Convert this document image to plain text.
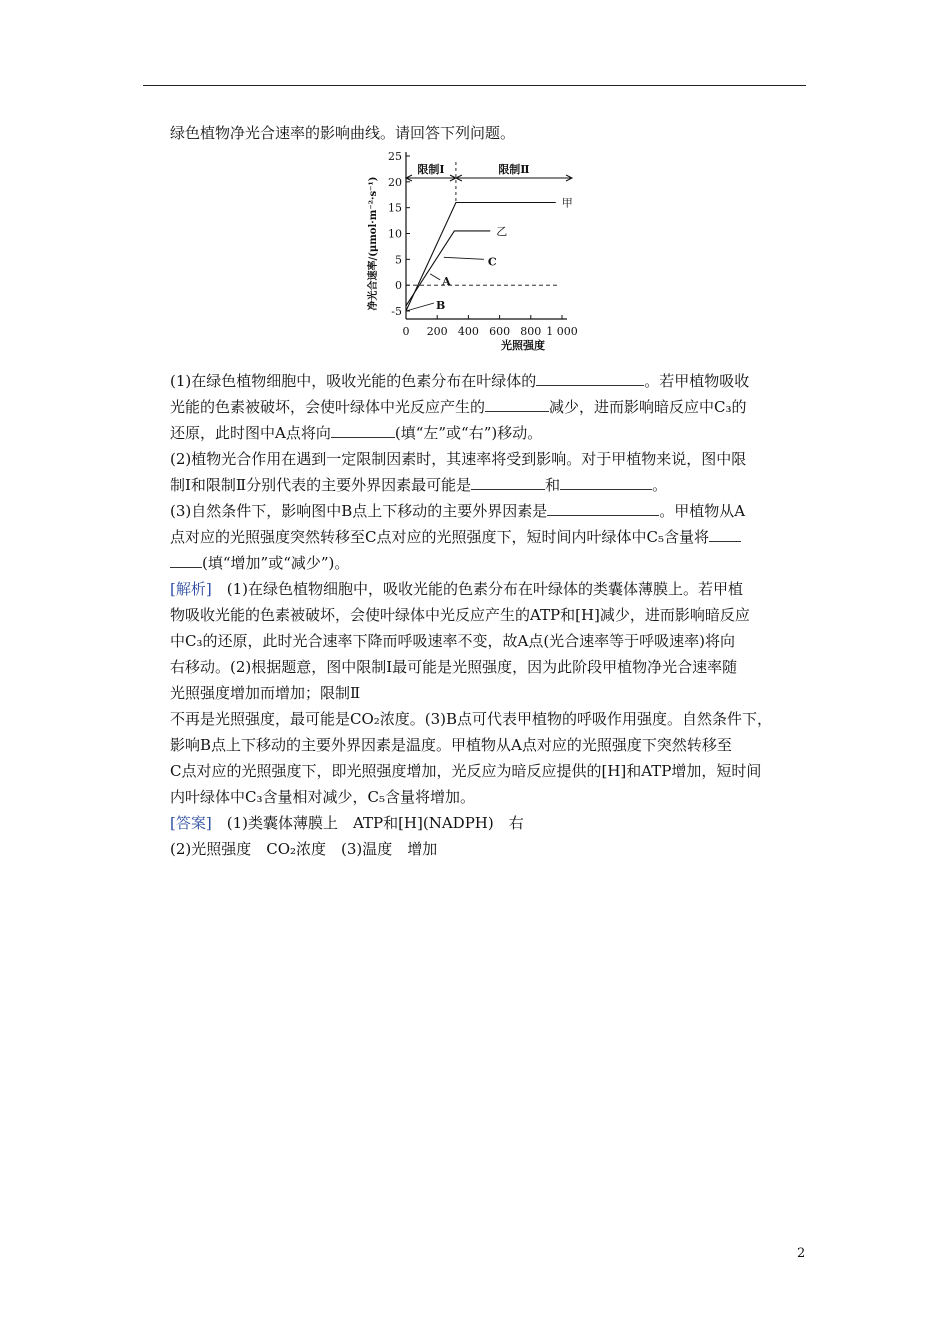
绿色植物净光合速率的影响曲线。请回答下列问题。
25
20
15
10
5
0
-5
0 200 400 600 800 1 000
光照强度
净光合速率/(μmol·m⁻²·s⁻¹)
限制Ⅰ	限制Ⅱ
甲
乙
A
B
C
(1)在绿色植物细胞中，吸收光能的色素分布在叶绿体的	。若甲植物吸收
光能的色素被破坏，会使叶绿体中光反应产生的	减少，进而影响暗反应中C₃的
还原，此时图中A点将向	(填“左”或“右”)移动。
(2)植物光合作用在遇到一定限制因素时，其速率将受到影响。对于甲植物来说，图中限
制Ⅰ和限制Ⅱ分别代表的主要外界因素最可能是	和	。
(3)自然条件下，影响图中B点上下移动的主要外界因素是	。甲植物从A
点对应的光照强度突然转移至C点对应的光照强度下，短时间内叶绿体中C₅含量将
(填“增加”或“减少”)。
[解析]　(1)在绿色植物细胞中，吸收光能的色素分布在叶绿体的类囊体薄膜上。若甲植
物吸收光能的色素被破坏，会使叶绿体中光反应产生的ATP和[H]减少，进而影响暗反应
中C₃的还原，此时光合速率下降而呼吸速率不变，故A点(光合速率等于呼吸速率)将向
右移动。(2)根据题意，图中限制Ⅰ最可能是光照强度，因为此阶段甲植物净光合速率随
光照强度增加而增加；限制Ⅱ
不再是光照强度，最可能是CO₂浓度。(3)B点可代表甲植物的呼吸作用强度。自然条件下，
影响B点上下移动的主要外界因素是温度。甲植物从A点对应的光照强度下突然转移至
C点对应的光照强度下，即光照强度增加，光反应为暗反应提供的[H]和ATP增加，短时间
内叶绿体中C₃含量相对减少，C₅含量将增加。
[答案]　(1)类囊体薄膜上　ATP和[H](NADPH)　右
(2)光照强度　CO₂浓度　(3)温度　增加
2
